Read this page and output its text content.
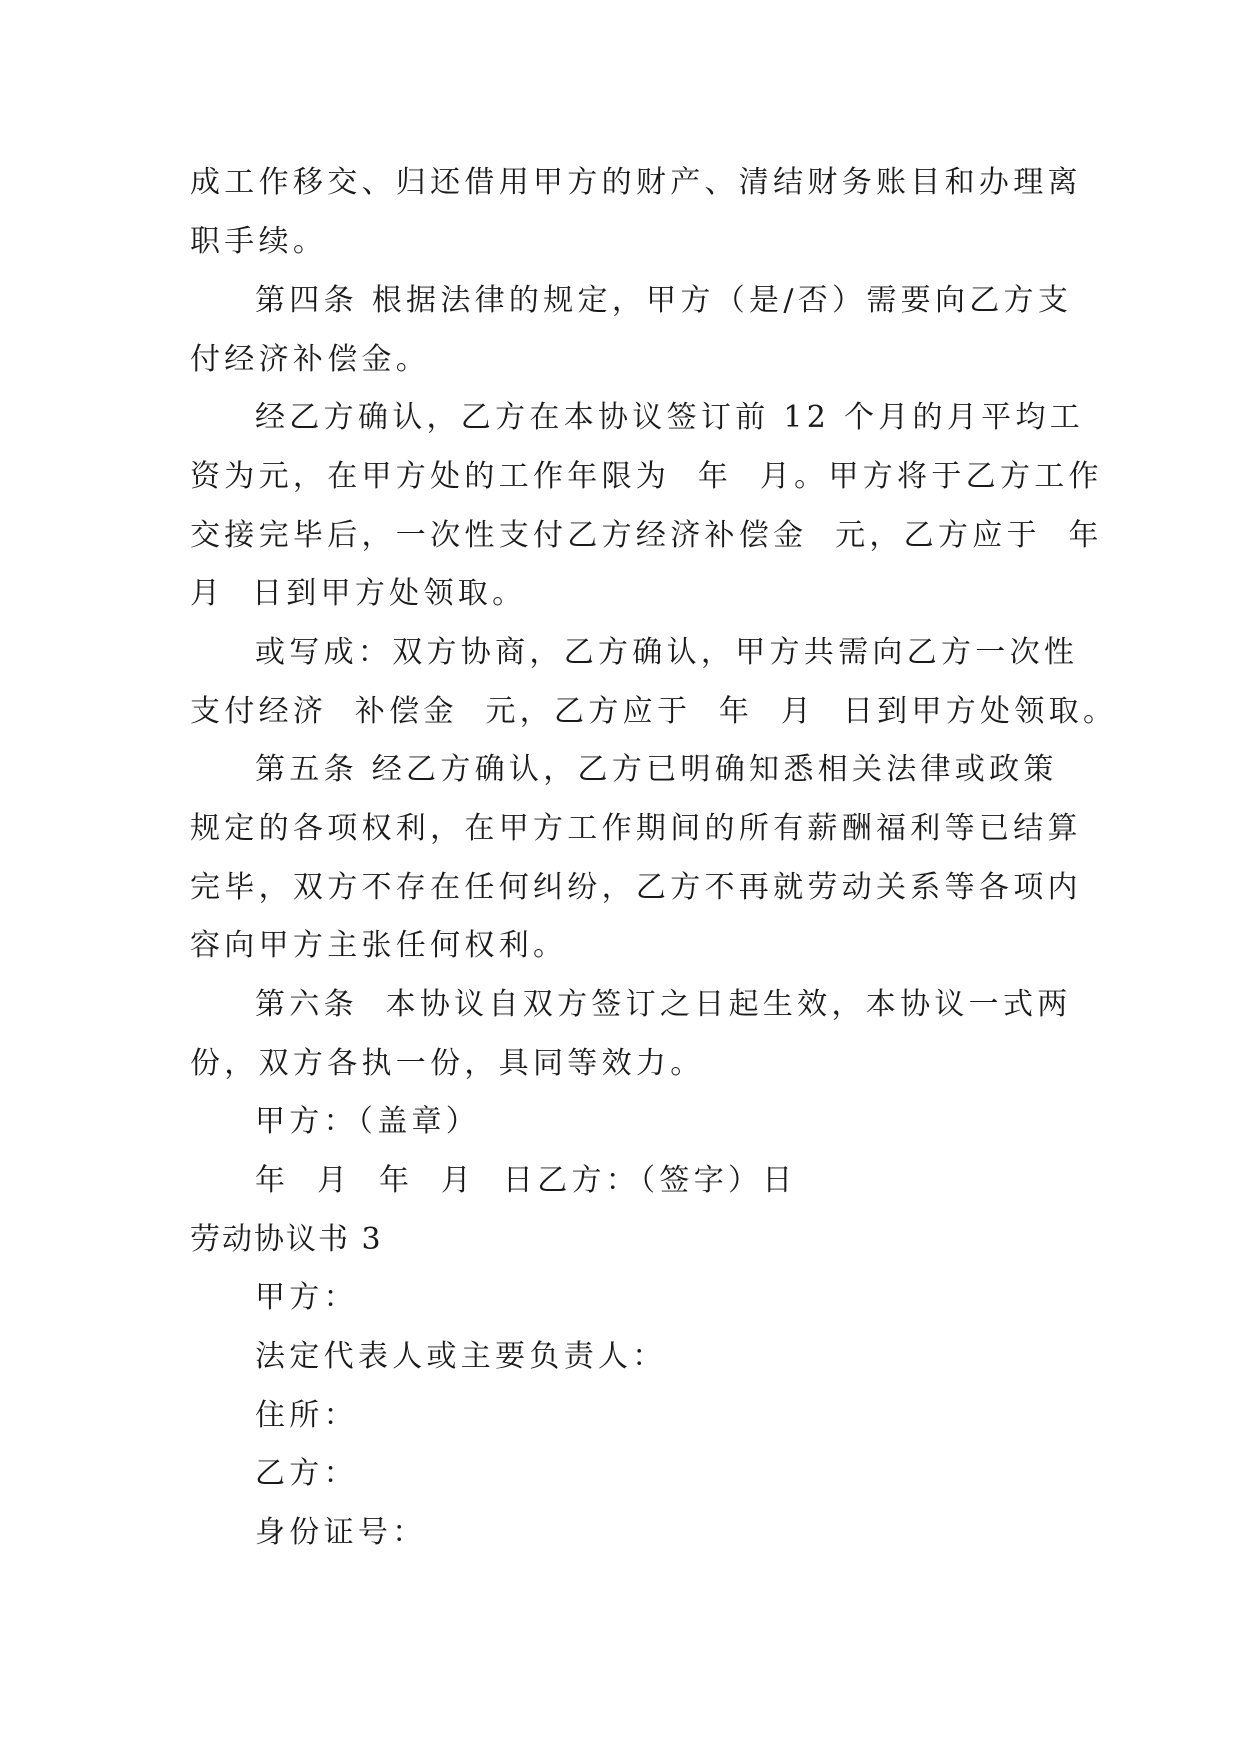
成工作移交、归还借用甲方的财产、清结财务账目和办理离
职手续。
第四条 根据法律的规定，甲方（是/否）需要向乙方支
付经济补偿金。
经乙方确认，乙方在本协议签订前 12 个月的月平均工
资为元，在甲方处的工作年限为  年  月。甲方将于乙方工作
交接完毕后，一次性支付乙方经济补偿金  元，乙方应于  年
月  日到甲方处领取。
或写成：双方协商，乙方确认，甲方共需向乙方一次性
支付经济  补偿金  元，乙方应于  年  月  日到甲方处领取。
第五条 经乙方确认，乙方已明确知悉相关法律或政策
规定的各项权利，在甲方工作期间的所有薪酬福利等已结算
完毕，双方不存在任何纠纷，乙方不再就劳动关系等各项内
容向甲方主张任何权利。
第六条  本协议自双方签订之日起生效，本协议一式两
份，双方各执一份，具同等效力。
甲方：（盖章）
年  月  年  月  日乙方：（签字）日
劳动协议书 3
甲方：
法定代表人或主要负责人：
住所：
乙方：
身份证号：
